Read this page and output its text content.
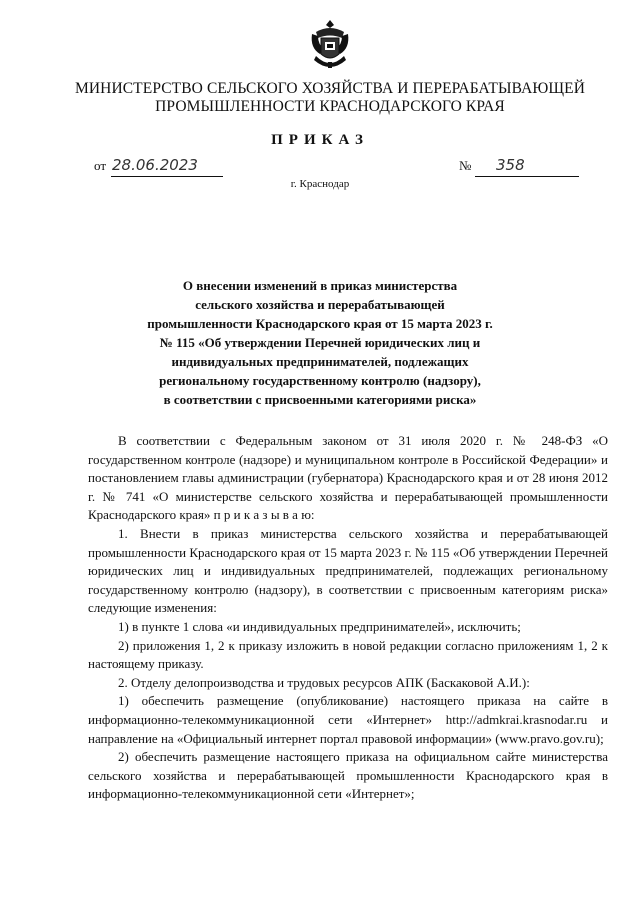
МИНИСТЕРСТВО СЕЛЬСКОГО ХОЗЯЙСТВА И ПЕРЕРАБАТЫВАЮЩЕЙ
ПРОМЫШЛЕННОСТИ КРАСНОДАРСКОГО КРАЯ
ПРИКАЗ
от 28.06.2023	№ 358
г. Краснодар
О внесении изменений в приказ министерства
сельского хозяйства и перерабатывающей
промышленности Краснодарского края от 15 марта 2023 г.
№ 115 «Об утверждении Перечней юридических лиц и
индивидуальных предпринимателей, подлежащих
региональному государственному контролю (надзору),
в соответствии с присвоенными категориями риска»

В соответствии с Федеральным законом от 31 июля 2020 г. № 248-ФЗ «О государственном контроле (надзоре) и муниципальном контроле в Российской Федерации» и постановлением главы администрации (губернатора) Краснодарского края и от 28 июня 2012 г. № 741 «О министерстве сельского хозяйства и перерабатывающей промышленности Краснодарского края» п р и к а з ы в а ю:

1. Внести в приказ министерства сельского хозяйства и перерабатывающей промышленности Краснодарского края от 15 марта 2023 г. № 115 «Об утверждении Перечней юридических лиц и индивидуальных предпринимателей, подлежащих региональному государственному контролю (надзору), в соответствии с присвоенным категориям риска» следующие изменения:

1) в пункте 1 слова «и индивидуальных предпринимателей», исключить;

2) приложения 1, 2 к приказу изложить в новой редакции согласно приложениям 1, 2 к настоящему приказу.

2. Отделу делопроизводства и трудовых ресурсов АПК (Баскаковой А.И.):

1) обеспечить размещение (опубликование) настоящего приказа на сайте в информационно-телекоммуникационной сети «Интернет» http://admkrai.krasnodar.ru и направление на «Официальный интернет портал правовой информации» (www.pravo.gov.ru);

2) обеспечить размещение настоящего приказа на официальном сайте министерства сельского хозяйства и перерабатывающей промышленности Краснодарского края в информационно-телекоммуникационной сети «Интернет»;
